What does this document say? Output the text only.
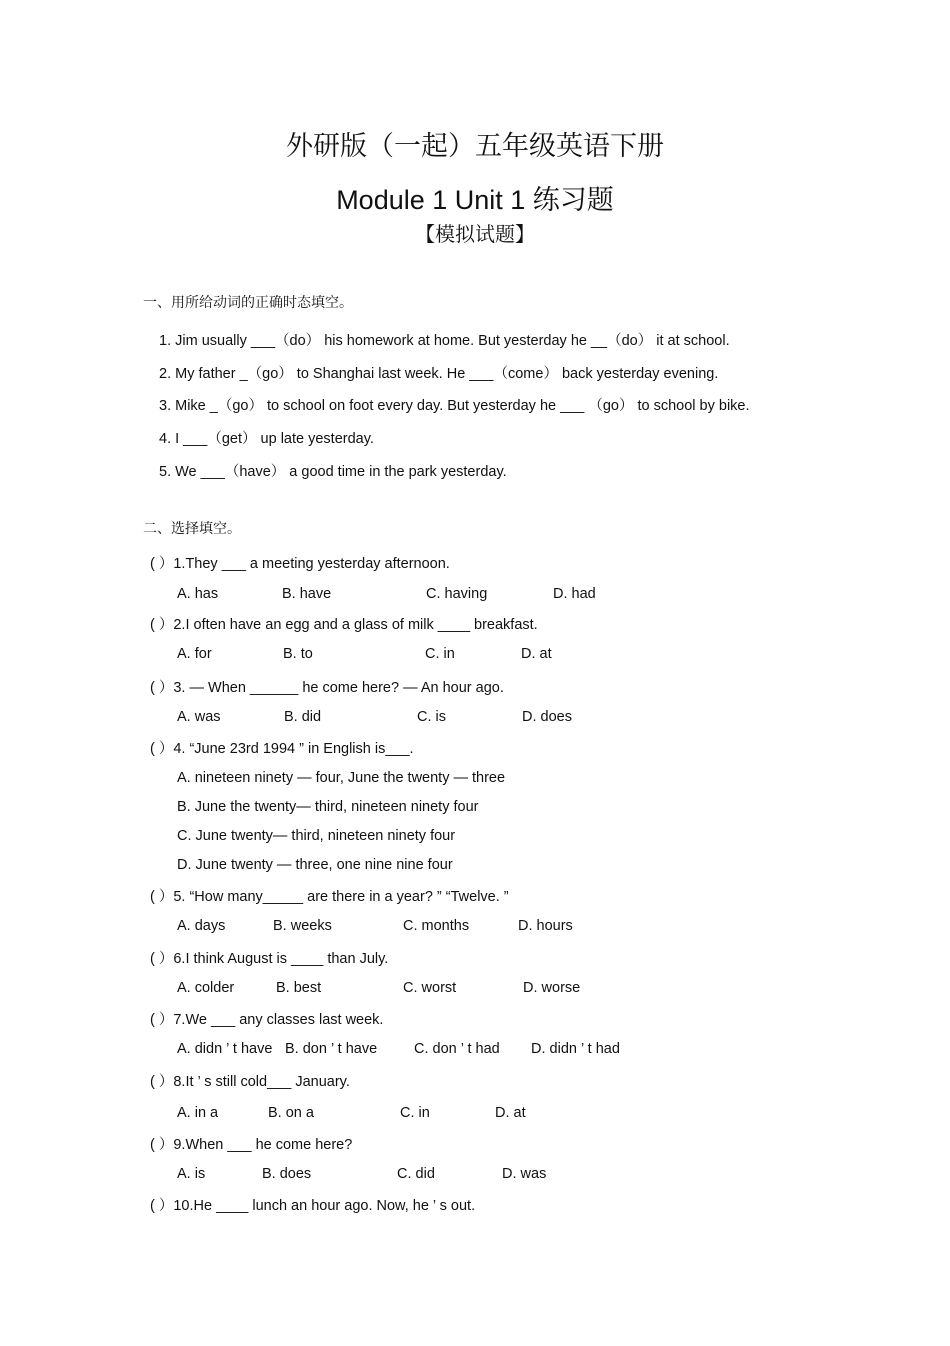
外研版（一起）五年级英语下册
Module 1 Unit 1 练习题
【模拟试题】
一、用所给动词的正确时态填空。
1. Jim usually ___（do） his homework at home. But yesterday he __（do） it at school.
2. My father _（go） to Shanghai last week. He ___（come） back yesterday evening.
3. Mike _（go） to school on foot every day. But yesterday he ___ （go） to school by bike.
4. I ___（get） up late yesterday.
5. We ___（have） a good time in the park yesterday.
二、选择填空。
( ）1.They ___ a meeting yesterday afternoon.
A. has	B. have	C. having	D. had
( ）2.I often have an egg and a glass of milk ____ breakfast.
A. for	B. to	C. in	D. at
( ）3. — When ______ he come here? — An hour ago.
A. was	B. did	C. is	D. does
( ）4. “June 23rd 1994 ” in English is___.
A. nineteen ninety — four, June the twenty — three
B. June the twenty— third, nineteen ninety four
C. June twenty— third, nineteen ninety four
D. June twenty — three, one nine nine four
( ）5. “How many_____ are there in a year? ” “Twelve. ”
A. days	B. weeks	C. months	D. hours
( ）6.I think August is ____ than July.
A. colder	B. best	C. worst	D. worse
( ）7.We ___ any classes last week.
A. didn ’ t have B. don ’ t have	C. don ’ t had D. didn ’ t had
( ）8.It ’ s still cold___ January.
A. in a	B. on a	C. in	D. at
( ）9.When ___ he come here?
A. is	B. does	C. did	D. was
( ）10.He ____ lunch an hour ago. Now, he ’ s out.
